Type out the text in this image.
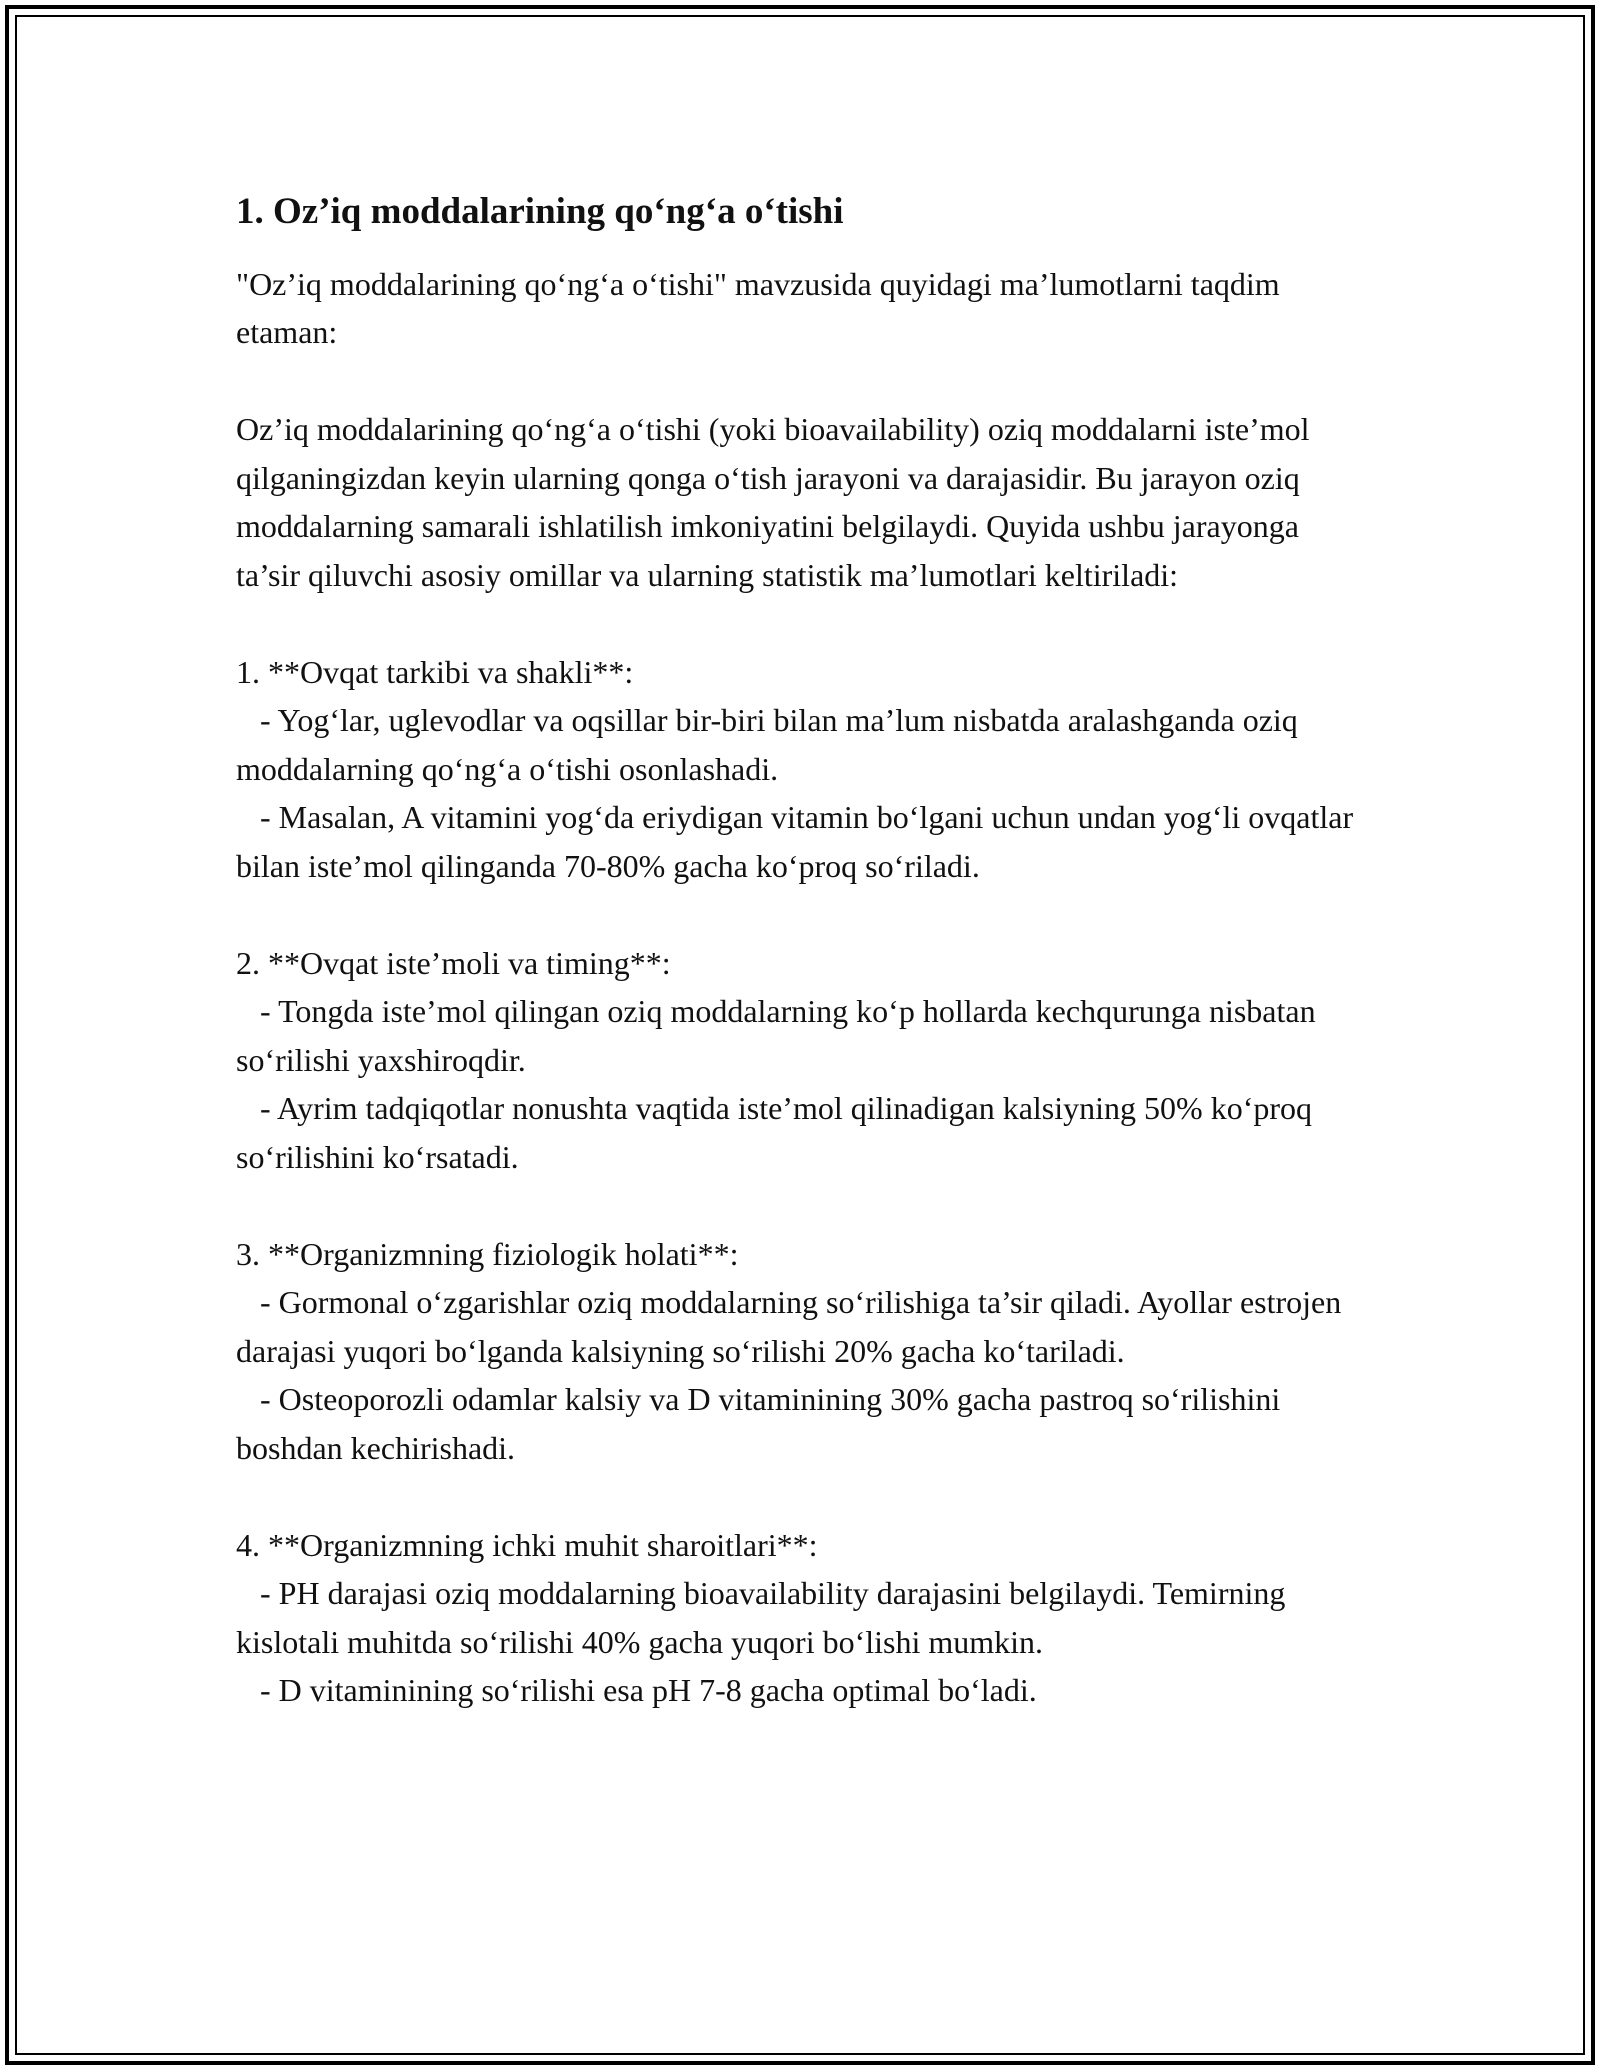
1. Oz’iq moddalarining qo‘ng‘a o‘tishi

"Oz’iq moddalarining qo‘ng‘a o‘tishi" mavzusida quyidagi ma’lumotlarni taqdim etaman:

Oz’iq moddalarining qo‘ng‘a o‘tishi (yoki bioavailability) oziq moddalarni iste’mol qilganingizdan keyin ularning qonga o‘tish jarayoni va darajasidir. Bu jarayon oziq moddalarning samarali ishlatilish imkoniyatini belgilaydi. Quyida ushbu jarayonga ta’sir qiluvchi asosiy omillar va ularning statistik ma’lumotlari keltiriladi:

1. **Ovqat tarkibi va shakli**:

- Yog‘lar, uglevodlar va oqsillar bir-biri bilan ma’lum nisbatda aralashganda oziq moddalarning qo‘ng‘a o‘tishi osonlashadi.

- Masalan, A vitamini yog‘da eriydigan vitamin bo‘lgani uchun undan yog‘li ovqatlar bilan iste’mol qilinganda 70-80% gacha ko‘proq so‘riladi.

2. **Ovqat iste’moli va timing**:

- Tongda iste’mol qilingan oziq moddalarning ko‘p hollarda kechqurunga nisbatan so‘rilishi yaxshiroqdir.

- Ayrim tadqiqotlar nonushta vaqtida iste’mol qilinadigan kalsiyning 50% ko‘proq so‘rilishini ko‘rsatadi.

3. **Organizmning fiziologik holati**:

- Gormonal o‘zgarishlar oziq moddalarning so‘rilishiga ta’sir qiladi. Ayollar estrojen darajasi yuqori bo‘lganda kalsiyning so‘rilishi 20% gacha ko‘tariladi.

- Osteoporozli odamlar kalsiy va D vitaminining 30% gacha pastroq so‘rilishini boshdan kechirishadi.

4. **Organizmning ichki muhit sharoitlari**:

- PH darajasi oziq moddalarning bioavailability darajasini belgilaydi. Temirning kislotali muhitda so‘rilishi 40% gacha yuqori bo‘lishi mumkin.

- D vitaminining so‘rilishi esa pH 7-8 gacha optimal bo‘ladi.
